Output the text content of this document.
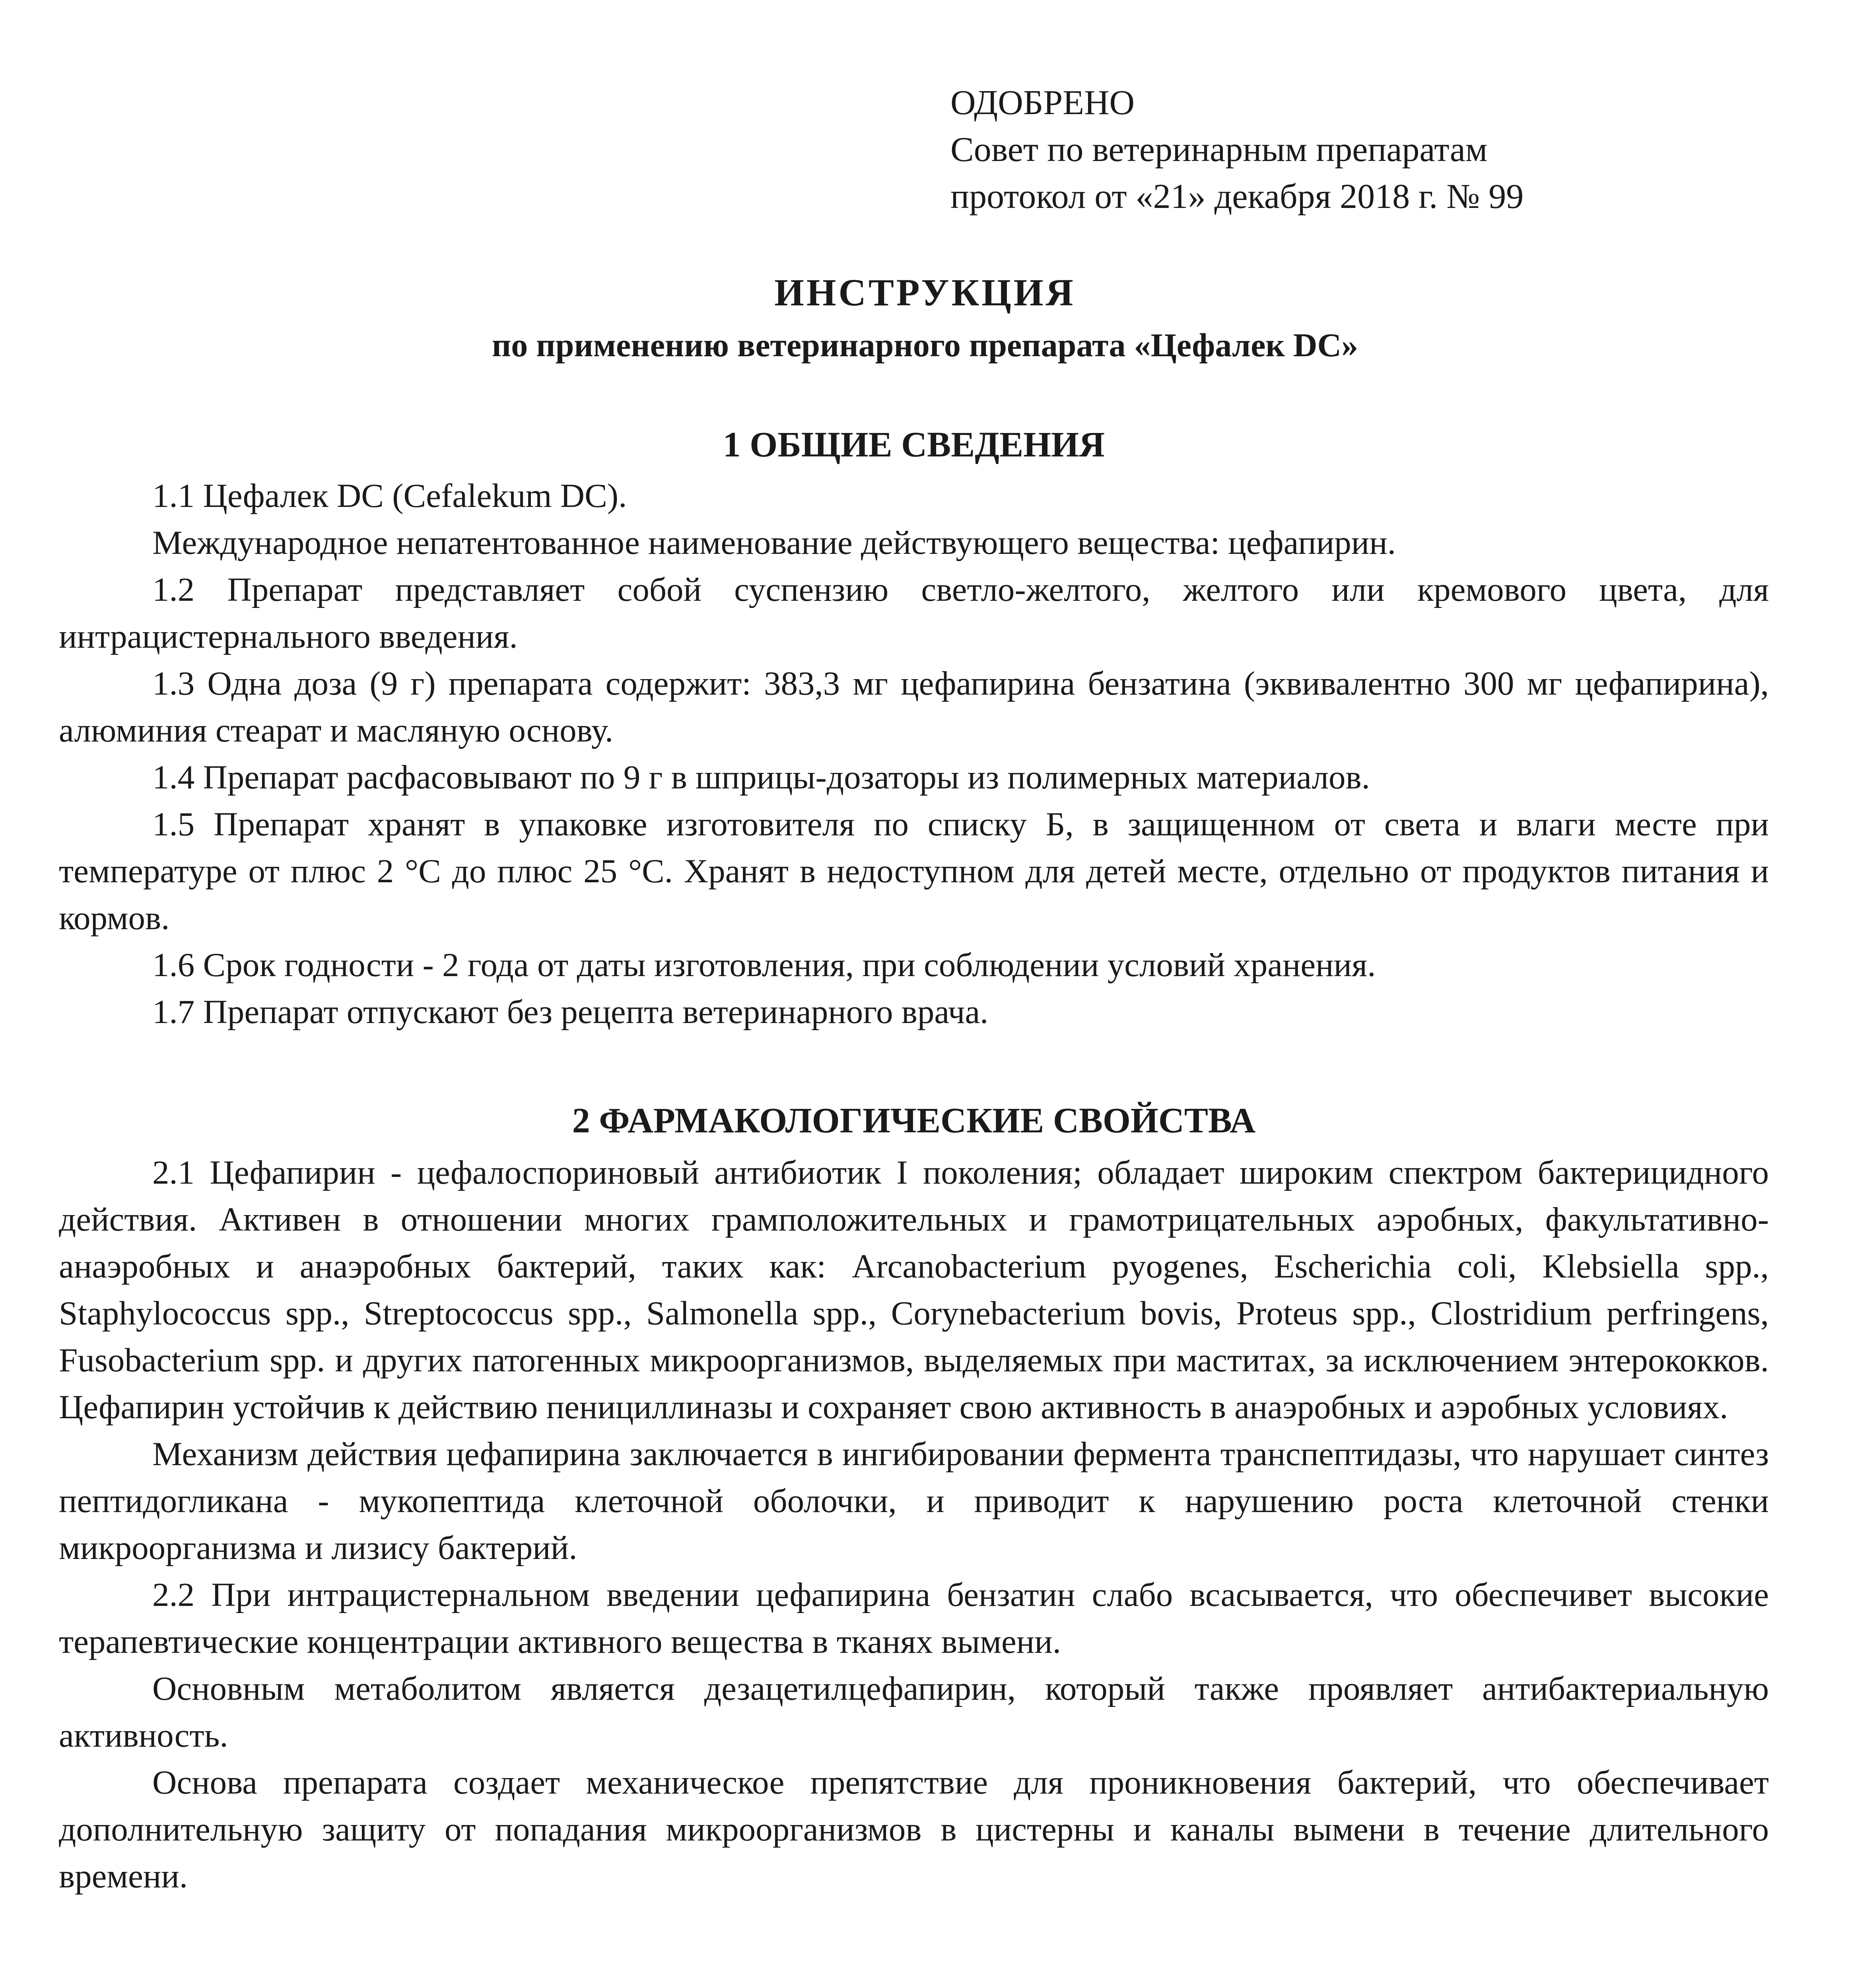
ОДОБРЕНО
Совет по ветеринарным препаратам
протокол от «21» декабря 2018 г. № 99
ИНСТРУКЦИЯ
по применению ветеринарного препарата «Цефалек DC»
1 ОБЩИЕ СВЕДЕНИЯ

1.1 Цефалек DC (Cefalekum DC).

Международное непатентованное наименование действующего вещества: цефапирин.

1.2 Препарат представляет собой суспензию светло-желтого, желтого или кремового цвета, для интрацистернального введения.

1.3 Одна доза (9 г) препарата содержит: 383,3 мг цефапирина бензатина (эквивалентно 300 мг цефапирина), алюминия стеарат и масляную основу.

1.4 Препарат расфасовывают по 9 г в шприцы-дозаторы из полимерных материалов.

1.5 Препарат хранят в упаковке изготовителя по списку Б, в защищенном от света и влаги месте при температуре от плюс 2 °С до плюс 25 °С. Хранят в недоступном для детей месте, отдельно от продуктов питания и кормов.

1.6 Срок годности - 2 года от даты изготовления, при соблюдении условий хранения.

1.7 Препарат отпускают без рецепта ветеринарного врача.

2 ФАРМАКОЛОГИЧЕСКИЕ СВОЙСТВА

2.1 Цефапирин - цефалоспориновый антибиотик I поколения; обладает широким спектром бактерицидного действия. Активен в отношении многих грамположительных и грамотрицательных аэробных, факультативно-анаэробных и анаэробных бактерий, таких как: Arcanobacterium pyogenes, Escherichia coli, Klebsiella spp., Staphylococcus spp., Streptococcus spp., Salmonella spp., Corynebacterium bovis, Proteus spp., Clostridium perfringens, Fusobacterium spp. и других патогенных микроорганизмов, выделяемых при маститах, за исключением энтерококков. Цефапирин устойчив к действию пенициллиназы и сохраняет свою активность в анаэробных и аэробных условиях.

Механизм действия цефапирина заключается в ингибировании фермента транспептидазы, что нарушает синтез пептидогликана - мукопептида клеточной оболочки, и приводит к нарушению роста клеточной стенки микроорганизма и лизису бактерий.

2.2 При интрацистернальном введении цефапирина бензатин слабо всасывается, что обеспечивет высокие терапевтические концентрации активного вещества в тканях вымени.

Основным метаболитом является дезацетилцефапирин, который также проявляет антибактериальную активность.

Основа препарата создает механическое препятствие для проникновения бактерий, что обеспечивает дополнительную защиту от попадания микроорганизмов в цистерны и каналы вымени в течение длительного времени.
